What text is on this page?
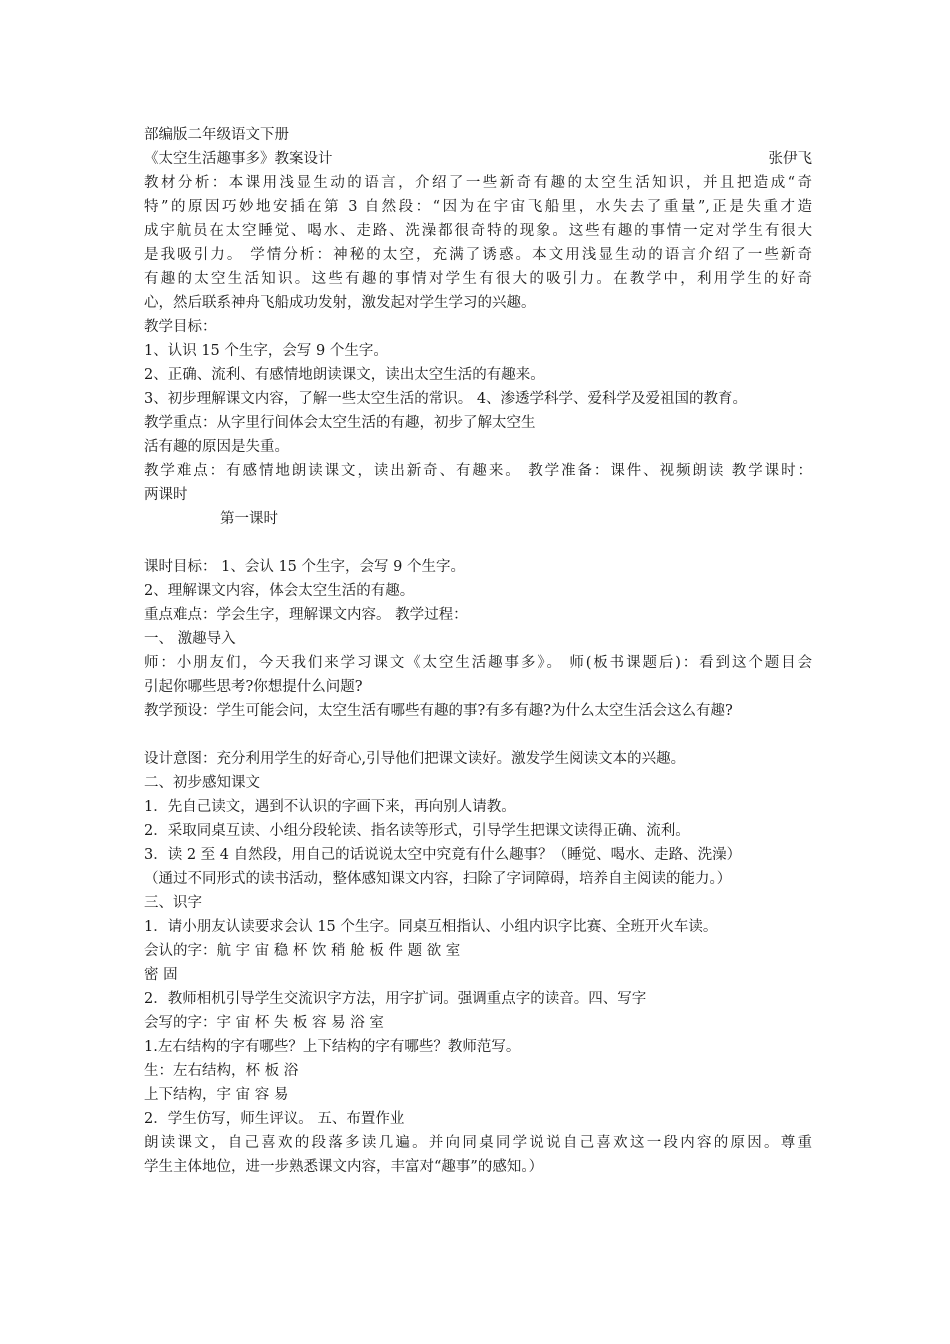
部编版二年级语文下册
《太空生活趣事多》教案设计	张伊飞
教材分析：本课用浅显生动的语言，介绍了一些新奇有趣的太空生活知识，并且把造成“奇
特”的原因巧妙地安插在第 3 自然段：“因为在宇宙飞船里，水失去了重量”,正是失重才造
成宇航员在太空睡觉、喝水、走路、洗澡都很奇特的现象。这些有趣的事情一定对学生有很大
是我吸引力。 学情分析：神秘的太空，充满了诱惑。本文用浅显生动的语言介绍了一些新奇
有趣的太空生活知识。这些有趣的事情对学生有很大的吸引力。在教学中，利用学生的好奇
心，然后联系神舟飞船成功发射，激发起对学生学习的兴趣。
教学目标：
1、认识 15 个生字，会写 9 个生字。
2、正确、流利、有感情地朗读课文，读出太空生活的有趣来。
3、初步理解课文内容，了解一些太空生活的常识。 4、渗透学科学、爱科学及爱祖国的教育。
教学重点：从字里行间体会太空生活的有趣，初步了解太空生
活有趣的原因是失重。
教学难点：有感情地朗读课文，读出新奇、有趣来。 教学准备：课件、视频朗读 教学课时：
两课时
第一课时
课时目标： 1、会认 15 个生字，会写 9 个生字。
2、理解课文内容，体会太空生活的有趣。
重点难点：学会生字，理解课文内容。 教学过程：
一、 激趣导入
师：小朋友们，今天我们来学习课文《太空生活趣事多》。 师(板书课题后)：看到这个题目会
引起你哪些思考?你想提什么问题?
教学预设：学生可能会问，太空生活有哪些有趣的事?有多有趣?为什么太空生活会这么有趣?
设计意图：充分利用学生的好奇心,引导他们把课文读好。激发学生阅读文本的兴趣。
二、初步感知课文
1．先自己读文，遇到不认识的字画下来，再向别人请教。
2．采取同桌互读、小组分段轮读、指名读等形式，引导学生把课文读得正确、流利。
3．读 2 至 4 自然段，用自己的话说说太空中究竟有什么趣事？（睡觉、喝水、走路、洗澡）
（通过不同形式的读书活动，整体感知课文内容，扫除了字词障碍，培养自主阅读的能力。）
三、识字
1．请小朋友认读要求会认 15 个生字。同桌互相指认、小组内识字比赛、全班开火车读。
会认的字：航 宇 宙 稳 杯 饮 稍 舱 板 件 题 欲 室
密 固
2．教师相机引导学生交流识字方法，用字扩词。强调重点字的读音。四、写字
会写的字：宇 宙 杯 失 板 容 易 浴 室
1.左右结构的字有哪些？上下结构的字有哪些？教师范写。
生：左右结构，杯 板 浴
上下结构，宇 宙 容 易
2．学生仿写，师生评议。 五、布置作业
朗读课文，自己喜欢的段落多读几遍。并向同桌同学说说自己喜欢这一段内容的原因。尊重
学生主体地位，进一步熟悉课文内容，丰富对“趣事”的感知。）
